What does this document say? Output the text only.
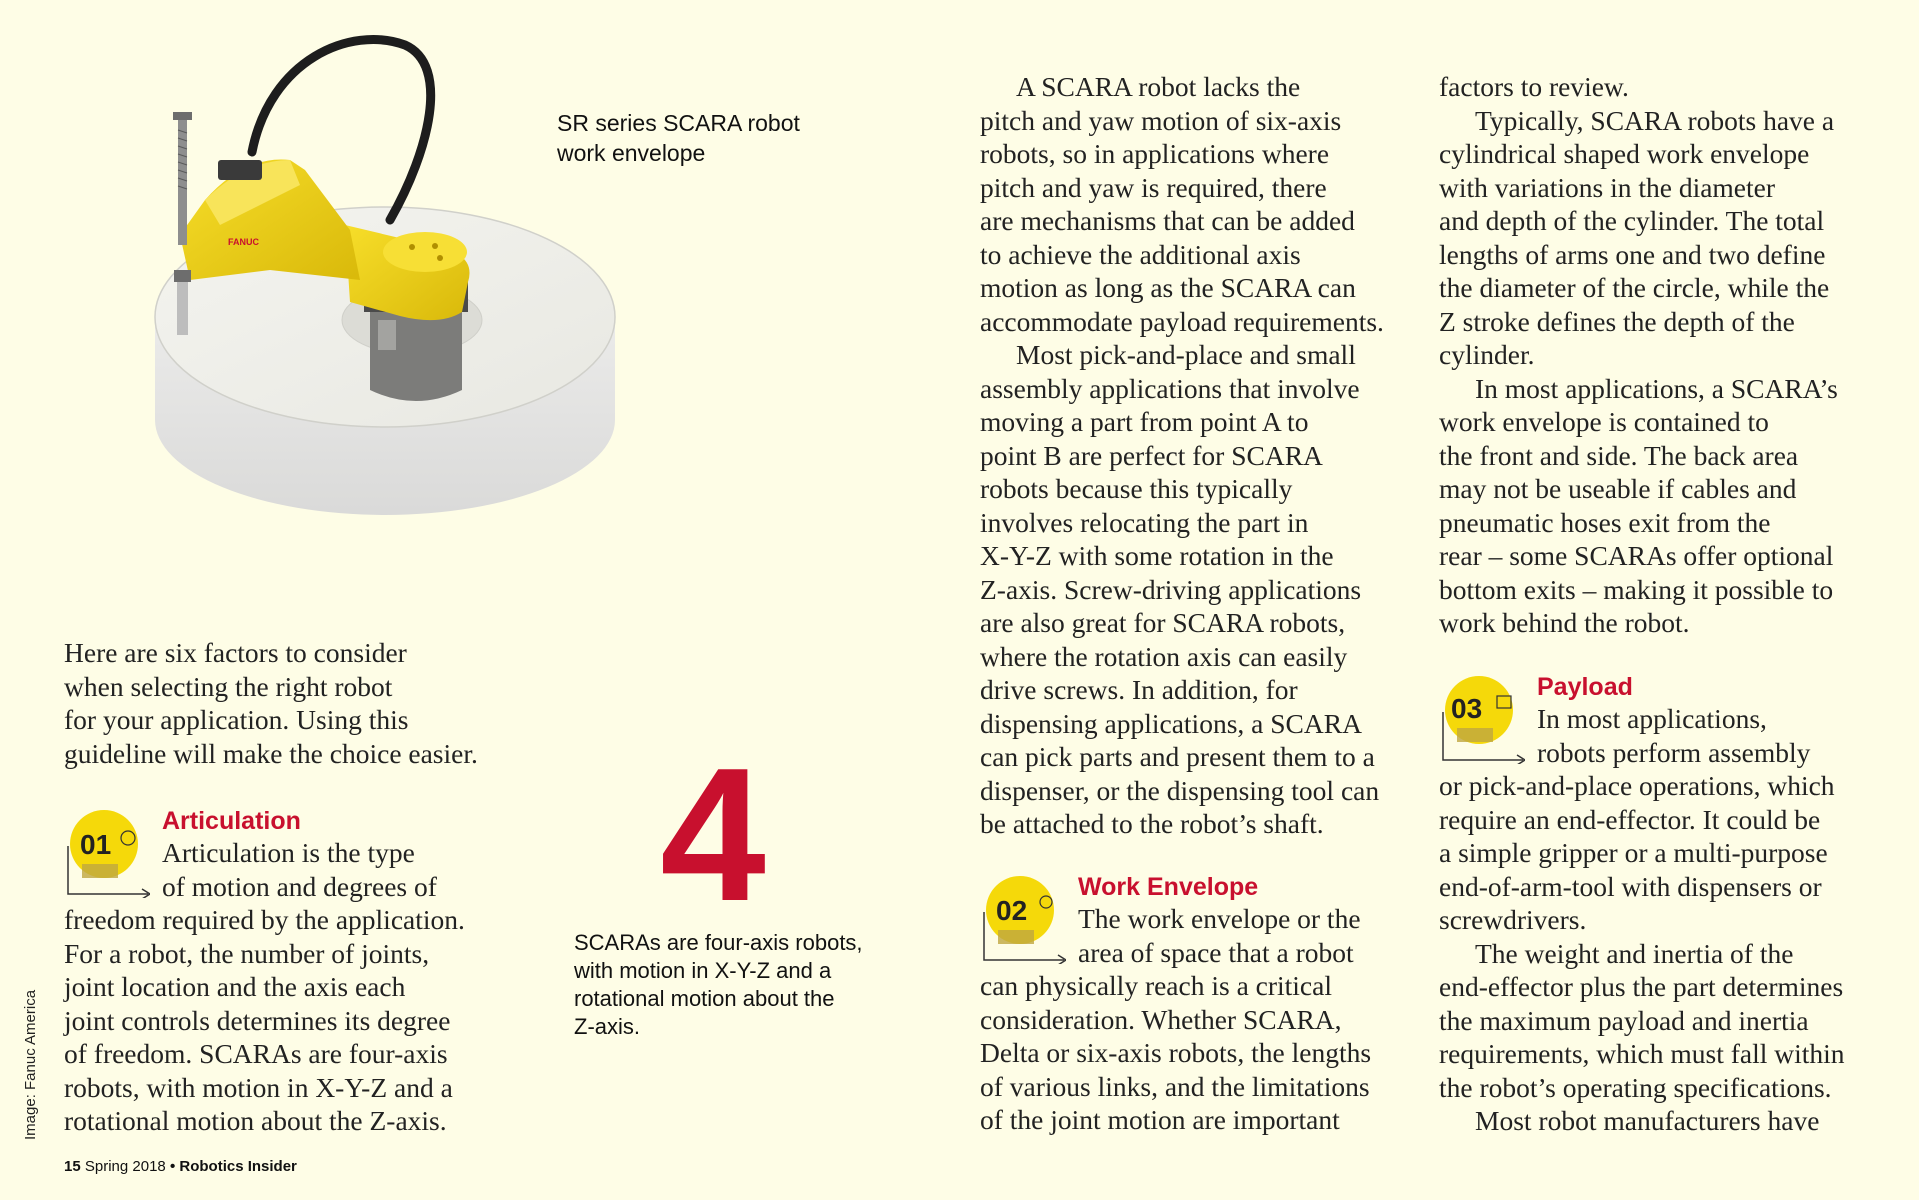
FANUC
SR series SCARA robot
work envelope
Here are six factors to consider
when selecting the right robot
for your application. Using this
guideline will make the choice easier.
01
Articulation
Articulation is the type
of motion and degrees of
freedom required by the application.
For a robot, the number of joints,
joint location and the axis each
joint controls determines its degree
of freedom. SCARAs are four-axis
robots, with motion in X-Y-Z and a
rotational motion about the Z-axis.
4
SCARAs are four-axis robots,
with motion in X-Y-Z and a
rotational motion about the
Z-axis.
A SCARA robot lacks the
pitch and yaw motion of six-axis
robots, so in applications where
pitch and yaw is required, there
are mechanisms that can be added
to achieve the additional axis
motion as long as the SCARA can
accommodate payload requirements.
Most pick-and-place and small
assembly applications that involve
moving a part from point A to
point B are perfect for SCARA
robots because this typically
involves relocating the part in
X-Y-Z with some rotation in the
Z-axis. Screw-driving applications
are also great for SCARA robots,
where the rotation axis can easily
drive screws. In addition, for
dispensing applications, a SCARA
can pick parts and present them to a
dispenser, or the dispensing tool can
be attached to the robot’s shaft.
02
Work Envelope
The work envelope or the
area of space that a robot
can physically reach is a critical
consideration. Whether SCARA,
Delta or six-axis robots, the lengths
of various links, and the limitations
of the joint motion are important
factors to review.
Typically, SCARA robots have a
cylindrical shaped work envelope
with variations in the diameter
and depth of the cylinder. The total
lengths of arms one and two define
the diameter of the circle, while the
Z stroke defines the depth of the
cylinder.
In most applications, a SCARA’s
work envelope is contained to
the front and side. The back area
may not be useable if cables and
pneumatic hoses exit from the
rear – some SCARAs offer optional
bottom exits – making it possible to
work behind the robot.
03
Payload
In most applications,
robots perform assembly
or pick-and-place operations, which
require an end-effector. It could be
a simple gripper or a multi-purpose
end-of-arm-tool with dispensers or
screwdrivers.
The weight and inertia of the
end-effector plus the part determines
the maximum payload and inertia
requirements, which must fall within
the robot’s operating specifications.
Most robot manufacturers have
15 Spring 2018 • Robotics Insider
Image: Fanuc America
